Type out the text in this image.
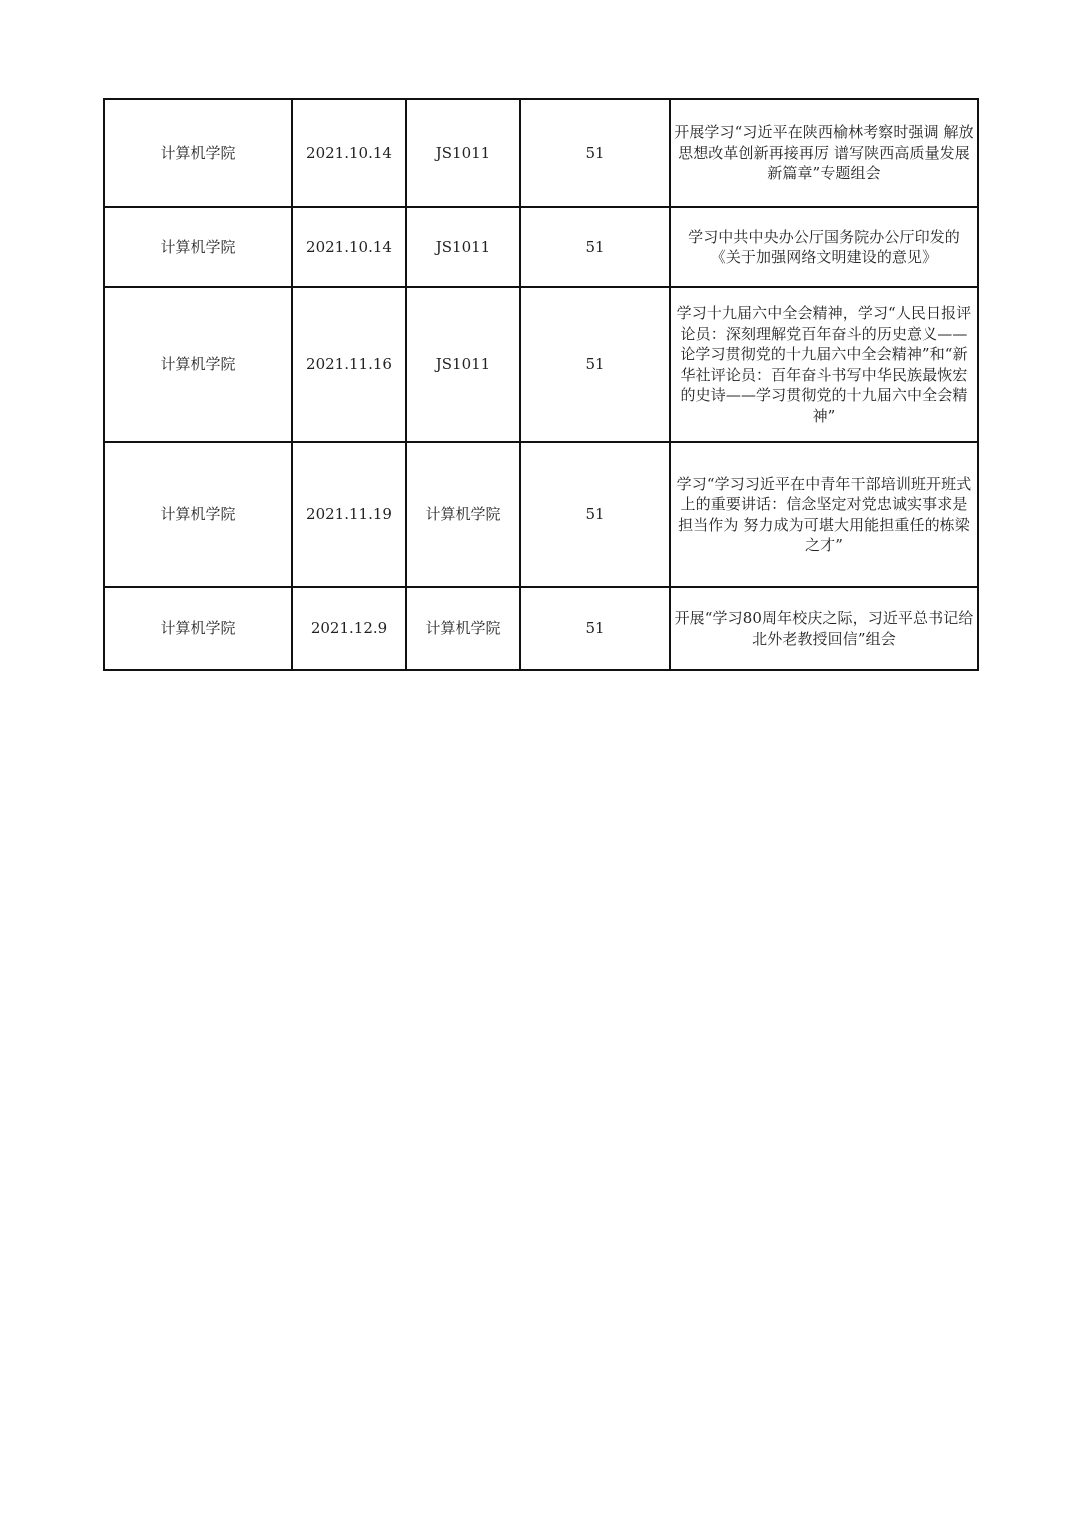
计算机学院	2021.10.14	JS1011	51	开展学习“习近平在陕西榆林考察时强调 解放思想改革创新再接再厉 谱写陕西高质量发展新篇章”专题组会
计算机学院	2021.10.14	JS1011	51	学习中共中央办公厅国务院办公厅印发的《关于加强网络文明建设的意见》
计算机学院	2021.11.16	JS1011	51	学习十九届六中全会精神，学习“人民日报评论员：深刻理解党百年奋斗的历史意义——论学习贯彻党的十九届六中全会精神”和“新华社评论员：百年奋斗书写中华民族最恢宏的史诗——学习贯彻党的十九届六中全会精神”
计算机学院	2021.11.19	计算机学院	51	学习“学习习近平在中青年干部培训班开班式上的重要讲话：信念坚定对党忠诚实事求是担当作为 努力成为可堪大用能担重任的栋梁之才”
计算机学院	2021.12.9	计算机学院	51	开展“学习80周年校庆之际，习近平总书记给北外老教授回信”组会
